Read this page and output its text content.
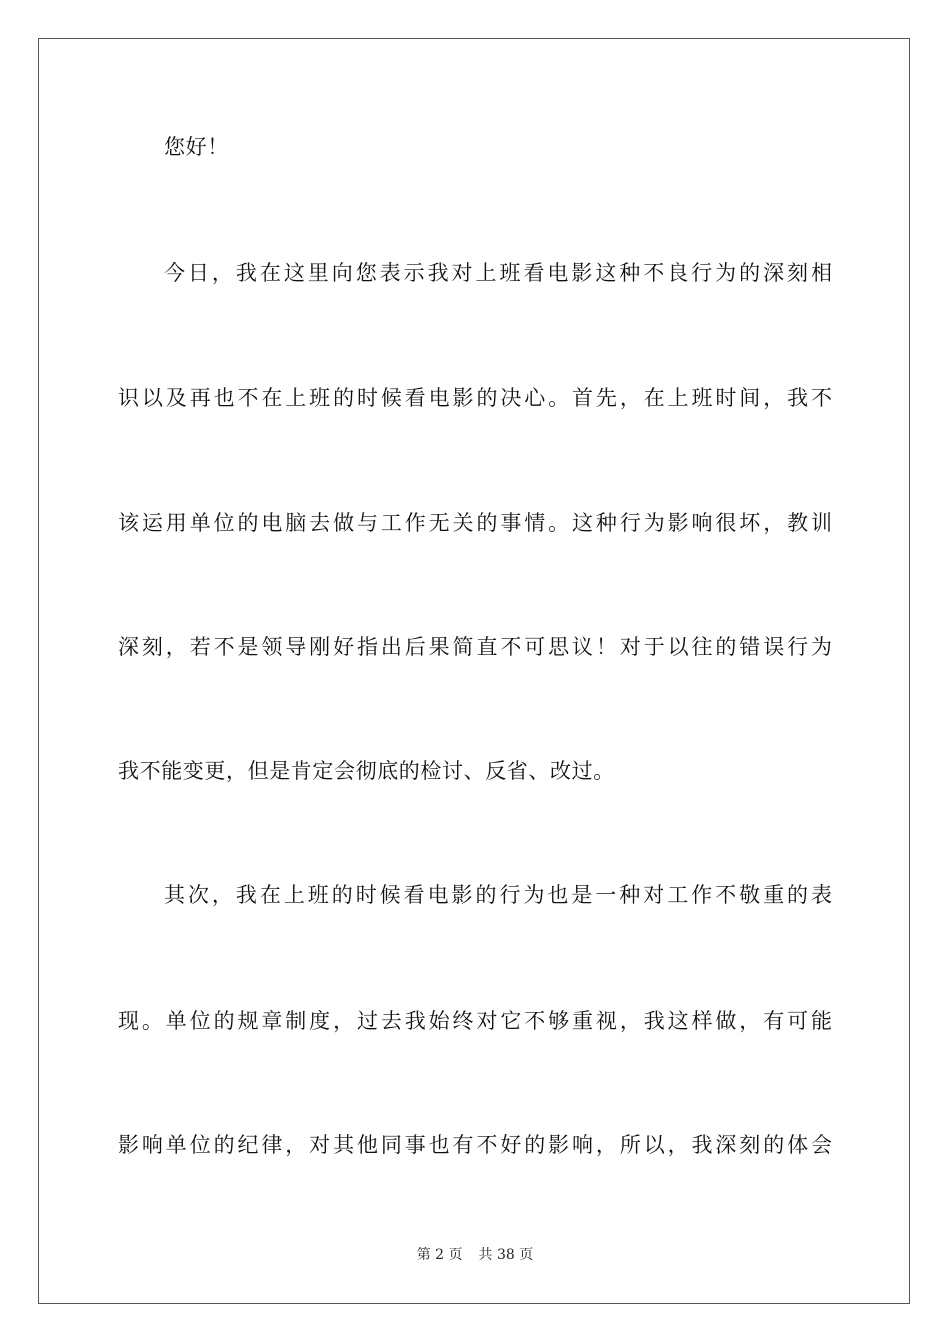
您好！
今日，我在这里向您表示我对上班看电影这种不良行为的深刻相
识以及再也不在上班的时候看电影的决心。首先，在上班时间，我不
该运用单位的电脑去做与工作无关的事情。这种行为影响很坏，教训
深刻，若不是领导刚好指出后果简直不可思议！对于以往的错误行为
我不能变更，但是肯定会彻底的检讨、反省、改过。
其次，我在上班的时候看电影的行为也是一种对工作不敬重的表
现。单位的规章制度，过去我始终对它不够重视，我这样做，有可能
影响单位的纪律，对其他同事也有不好的影响，所以，我深刻的体会
第 2 页 共 38 页
